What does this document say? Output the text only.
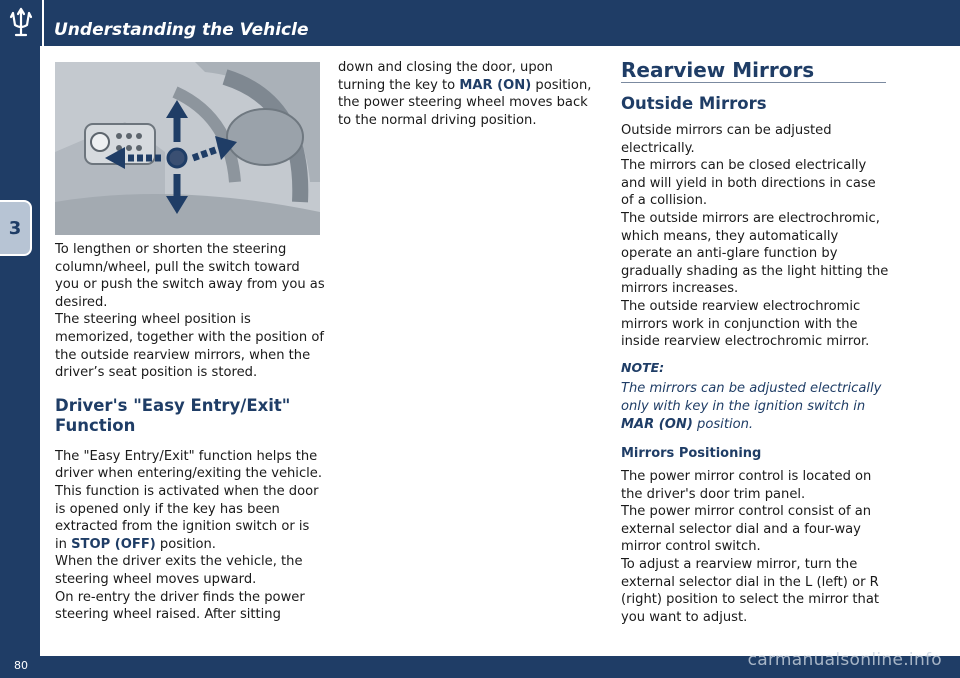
Understanding the Vehicle
3

To lengthen or shorten the steering column/wheel, pull the switch toward you or push the switch away from you as desired.

The steering wheel position is memorized, together with the position of the outside rearview mirrors, when the driver’s seat position is stored.

Driver's "Easy Entry/Exit" Function

The "Easy Entry/Exit" function helps the driver when entering/exiting the vehicle.

This function is activated when the door is opened only if the key has been extracted from the ignition switch or is in STOP (OFF) position.

When the driver exits the vehicle, the steering wheel moves upward.

On re-entry the driver finds the power steering wheel raised. After sitting

down and closing the door, upon turning the key to MAR (ON) position, the power steering wheel moves back to the normal driving position.

Rearview Mirrors

Outside Mirrors

Outside mirrors can be adjusted electrically.

The mirrors can be closed electrically and will yield in both directions in case of a collision.

The outside mirrors are electrochromic, which means, they automatically operate an anti-glare function by gradually shading as the light hitting the mirrors increases.

The outside rearview electrochromic mirrors work in conjunction with the inside rearview electrochromic mirror.

NOTE:

The mirrors can be adjusted electrically only with key in the ignition switch in MAR (ON) position.

Mirrors Positioning

The power mirror control is located on the driver's door trim panel.

The power mirror control consist of an external selector dial and a four-way mirror control switch.

To adjust a rearview mirror, turn the external selector dial in the L (left) or R (right) position to select the mirror that you want to adjust.

80	carmanualsonline.info
